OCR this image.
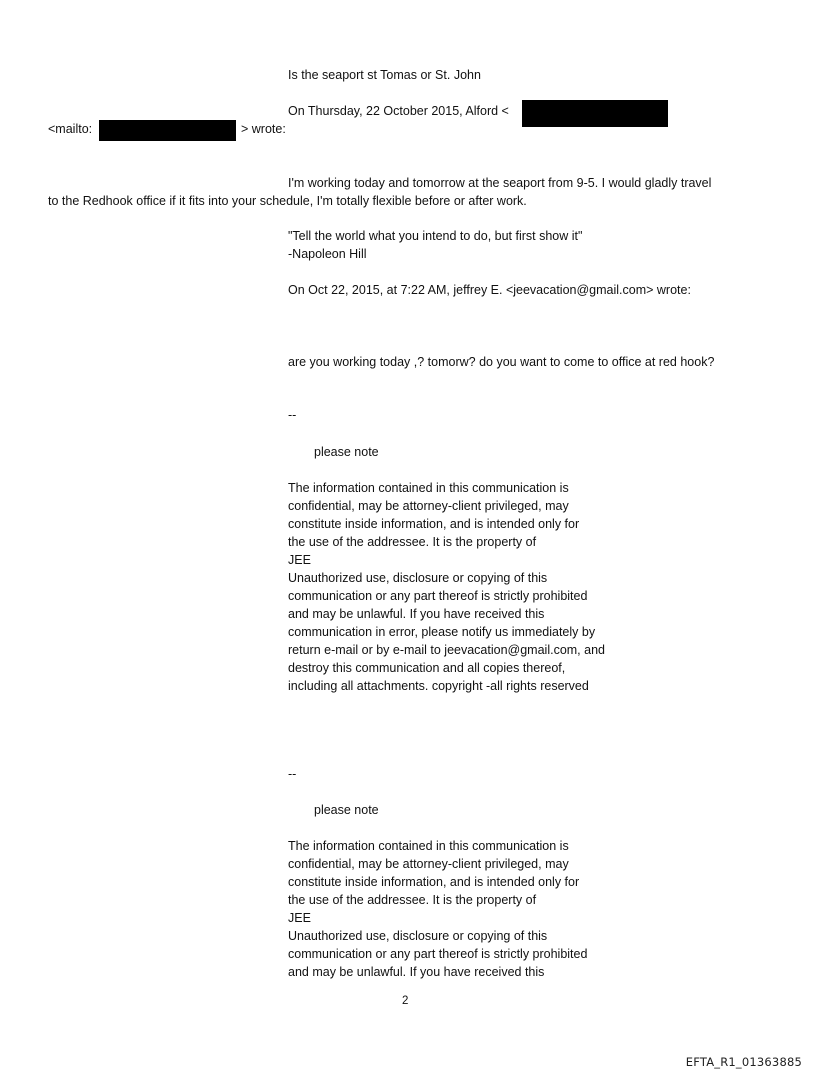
Is the seaport st Tomas or St. John
On Thursday, 22 October 2015, Alford <
<mailto:	> wrote:
I'm working today and tomorrow at the seaport from 9-5. I would gladly travel
to the Redhook office if it fits into your schedule, I'm totally flexible before or after work.
"Tell the world what you intend to do, but first show it"
-Napoleon Hill
On Oct 22, 2015, at 7:22 AM, jeffrey E. <jeevacation@gmail.com> wrote:
are you working today ,? tomorw? do you want to come to office at red hook?
--
please note
The information contained in this communication is
confidential, may be attorney-client privileged, may
constitute inside information, and is intended only for
the use of the addressee. It is the property of
JEE
Unauthorized use, disclosure or copying of this
communication or any part thereof is strictly prohibited
and may be unlawful. If you have received this
communication in error, please notify us immediately by
return e-mail or by e-mail to jeevacation@gmail.com, and
destroy this communication and all copies thereof,
including all attachments. copyright -all rights reserved
--
please note
The information contained in this communication is
confidential, may be attorney-client privileged, may
constitute inside information, and is intended only for
the use of the addressee. It is the property of
JEE
Unauthorized use, disclosure or copying of this
communication or any part thereof is strictly prohibited
and may be unlawful. If you have received this
2
EFTA_R1_01363885
